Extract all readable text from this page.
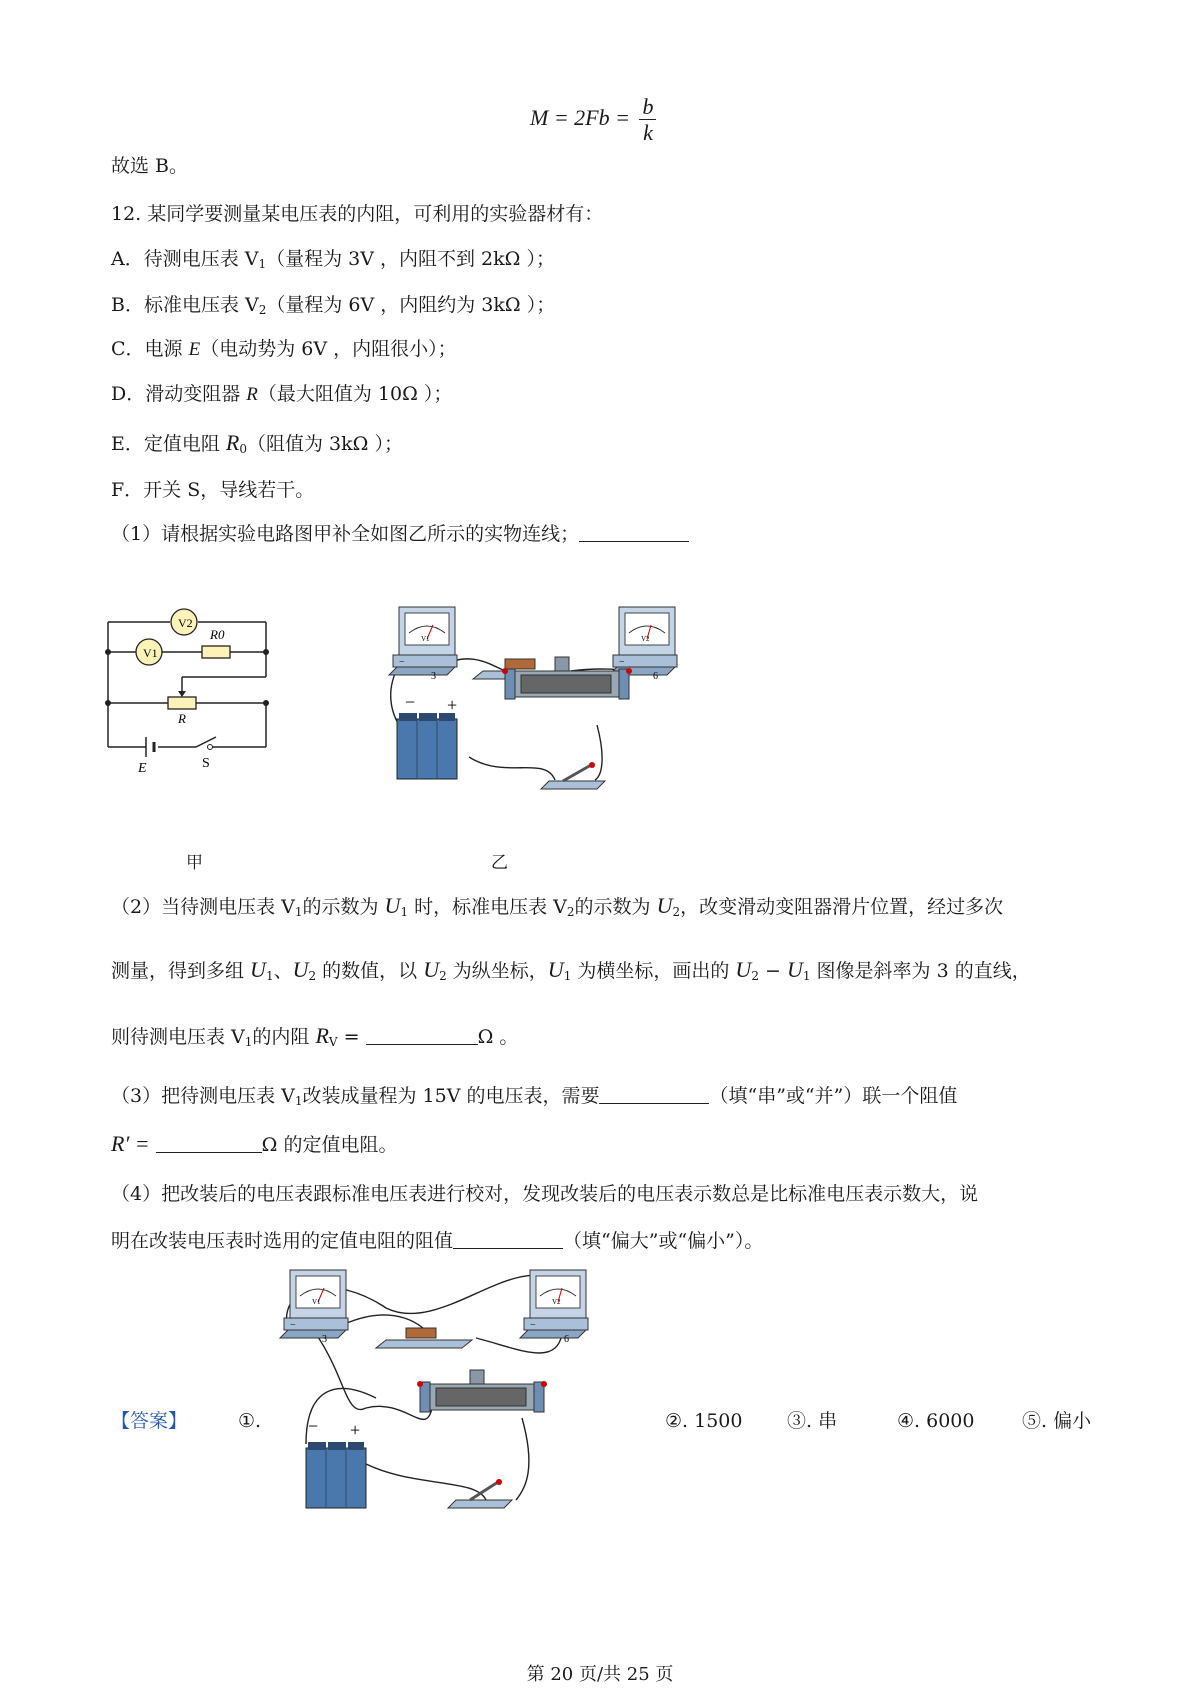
$M = 2Fb = \frac{b}{k}$
故选 B。
12. 某同学要测量某电压表的内阻，可利用的实验器材有：
A．待测电压表 $V_1$（量程为 3V ，内阻不到 2kΩ ）；
B．标准电压表 $V_2$（量程为 6V ，内阻约为 3kΩ ）；
C．电源 E（电动势为 6V ，内阻很小）；
D．滑动变阻器 R（最大阻值为 10Ω ）；
E．定值电阻 $R_0$（阻值为 3kΩ ）；
F．开关 S，导线若干。
（1）请根据实验电路图甲补全如图乙所示的实物连线；
V2
V1
R0
R
E	S
甲
V1
−
3
V2
−
6
− +
乙
（2）当待测电压表 $V_1$的示数为 $U_1$ 时，标准电压表 $V_2$的示数为 $U_2$，改变滑动变阻器滑片位置，经过多次
测量，得到多组 $U_1$、$U_2$ 的数值，以 $U_2$ 为纵坐标，$U_1$ 为横坐标，画出的 $U_2 - U_1$ 图像是斜率为 3 的直线，
则待测电压表 $V_1$的内阻 $R_V$ =	Ω 。
（3）把待测电压表 $V_1$改装成量程为 15V 的电压表，需要	（填“串”或“并”）联一个阻值
R′ =	Ω 的定值电阻。
（4）把改装后的电压表跟标准电压表进行校对，发现改装后的电压表示数总是比标准电压表示数大，说
明在改装电压表时选用的定值电阻的阻值	（填“偏大”或“偏小”）。
V1
−
3
V2
−
6
− +
【答案】	①.	②. 1500 ③. 串	④. 6000	⑤. 偏小
第 20 页/共 25 页
